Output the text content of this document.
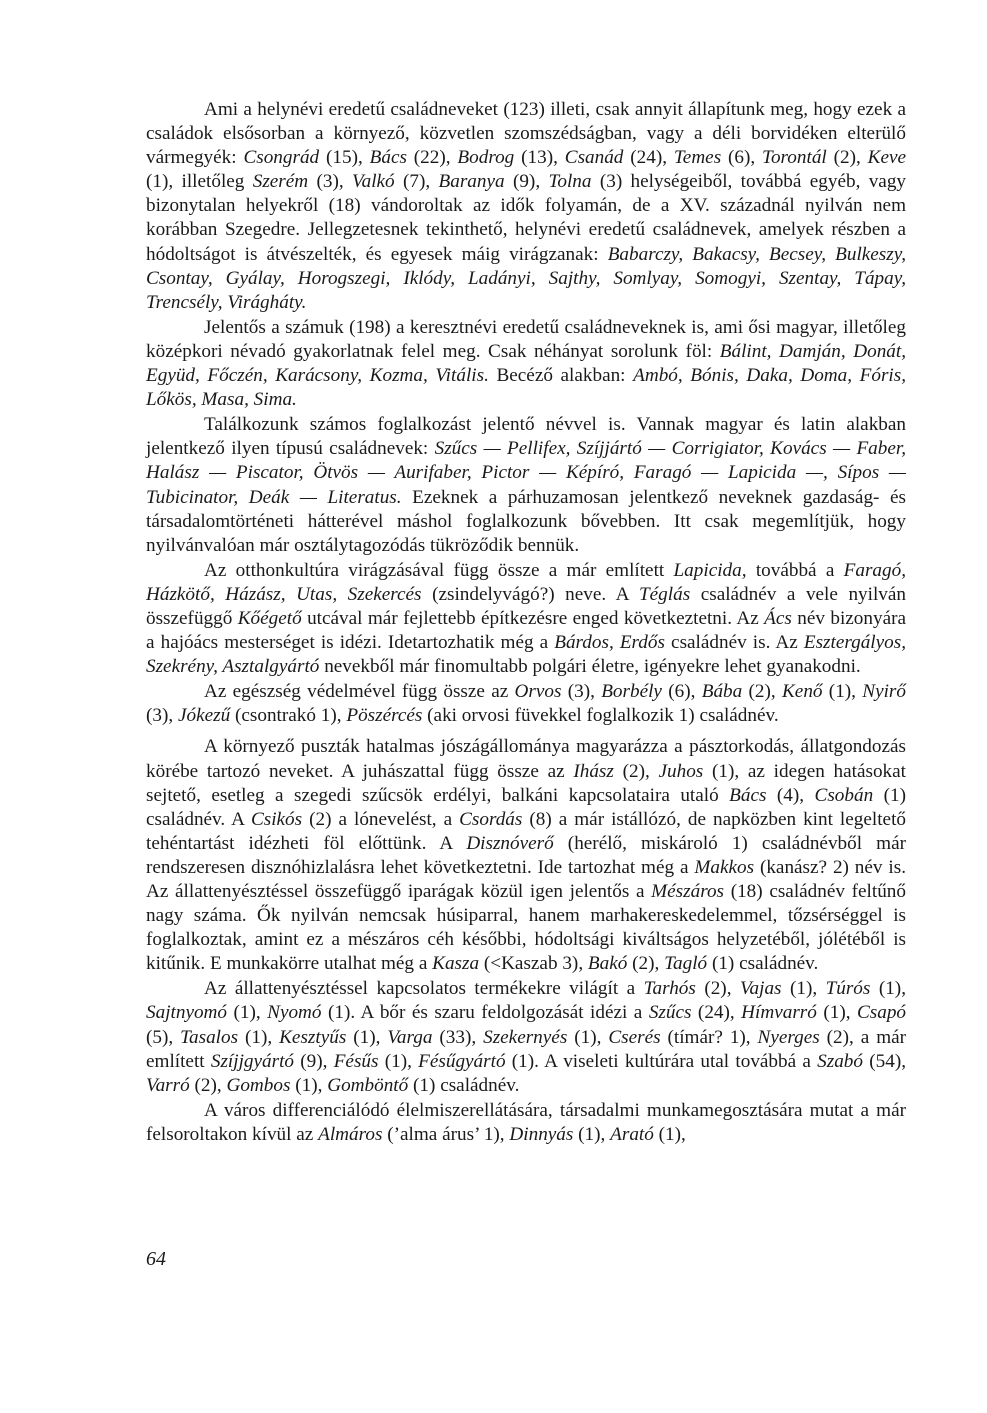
Ami a helynévi eredetű családneveket (123) illeti, csak annyit állapítunk meg, hogy ezek a családok elsősorban a környező, közvetlen szomszédságban, vagy a déli borvidéken elterülő vármegyék: Csongrád (15), Bács (22), Bodrog (13), Csanád (24), Temes (6), Torontál (2), Keve (1), illetőleg Szerém (3), Valkó (7), Baranya (9), Tolna (3) helységeiből, továbbá egyéb, vagy bizonytalan helyekről (18) vándoroltak az idők folyamán, de a XV. századnál nyilván nem korábban Szegedre. Jellegzetesnek tekinthető, helynévi eredetű családnevek, amelyek részben a hódoltságot is átvészelték, és egyesek máig virágzanak: Babarczy, Bakacsy, Becsey, Bulkeszy, Csontay, Gyálay, Horogszegi, Iklódy, Ladányi, Sajthy, Somlyay, Somogyi, Szentay, Tápay, Trencsély, Virágháty.

Jelentős a számuk (198) a keresztnévi eredetű családneveknek is, ami ősi magyar, illetőleg középkori névadó gyakorlatnak felel meg. Csak néhányat sorolunk föl: Bálint, Damján, Donát, Együd, Főczén, Karácsony, Kozma, Vitális. Becéző alakban: Ambó, Bónis, Daka, Doma, Fóris, Lőkös, Masa, Sima.

Találkozunk számos foglalkozást jelentő névvel is. Vannak magyar és latin alakban jelentkező ilyen típusú családnevek: Szűcs — Pellifex, Szíjjártó — Corrigiator, Kovács — Faber, Halász — Piscator, Ötvös — Aurifaber, Pictor — Képíró, Faragó — Lapicida —, Sípos — Tubicinator, Deák — Literatus. Ezeknek a párhuzamosan jelentkező neveknek gazdaság- és társadalomtörténeti hátterével máshol foglalkozunk bővebben. Itt csak megemlítjük, hogy nyilvánvalóan már osztálytagozódás tükröződik bennük.

Az otthonkultúra virágzásával függ össze a már említett Lapicida, továbbá a Faragó, Házkötő, Házász, Utas, Szekercés (zsindelyvágó?) neve. A Téglás családnév a vele nyilván összefüggő Kőégető utcával már fejlettebb építkezésre enged következtetni. Az Ács név bizonyára a hajóács mesterséget is idézi. Idetartozhatik még a Bárdos, Erdős családnév is. Az Esztergályos, Szekrény, Asztalgyártó nevekből már finomultabb polgári életre, igényekre lehet gyanakodni.

Az egészség védelmével függ össze az Orvos (3), Borbély (6), Bába (2), Kenő (1), Nyirő (3), Jókezű (csontrakó 1), Pöszércés (aki orvosi füvekkel foglalkozik 1) családnév.

A környező puszták hatalmas jószágállománya magyarázza a pásztorkodás, állatgondozás körébe tartozó neveket. A juhászattal függ össze az Ihász (2), Juhos (1), az idegen hatásokat sejtető, esetleg a szegedi szűcsök erdélyi, balkáni kapcsolataira utaló Bács (4), Csobán (1) családnév. A Csikós (2) a lónevelést, a Csordás (8) a már istállózó, de napközben kint legeltető tehéntartást idézheti föl előttünk. A Disznóverő (herélő, miskároló 1) családnévből már rendszeresen disznóhizlalásra lehet következtetni. Ide tartozhat még a Makkos (kanász? 2) név is. Az állattenyésztéssel összefüggő iparágak közül igen jelentős a Mészáros (18) családnév feltűnő nagy száma. Ők nyilván nemcsak húsiparral, hanem marhakereskedelemmel, tőzsérséggel is foglalkoztak, amint ez a mészáros céh későbbi, hódoltsági kiváltságos helyzetéből, jólétéből is kitűnik. E munkakörre utalhat még a Kasza (<Kaszab 3), Bakó (2), Tagló (1) családnév.

Az állattenyésztéssel kapcsolatos termékekre világít a Tarhós (2), Vajas (1), Túrós (1), Sajtnyomó (1), Nyomó (1). A bőr és szaru feldolgozását idézi a Szűcs (24), Hímvarró (1), Csapó (5), Tasalos (1), Kesztyűs (1), Varga (33), Szekernyés (1), Cserés (tímár? 1), Nyerges (2), a már említett Szíjjgyártó (9), Fésűs (1), Fésűgyártó (1). A viseleti kultúrára utal továbbá a Szabó (54), Varró (2), Gombos (1), Gomböntő (1) családnév.

A város differenciálódó élelmiszerellátására, társadalmi munkamegosztására mutat a már felsoroltakon kívül az Almáros (’alma árus’ 1), Dinnyás (1), Arató (1),

64
